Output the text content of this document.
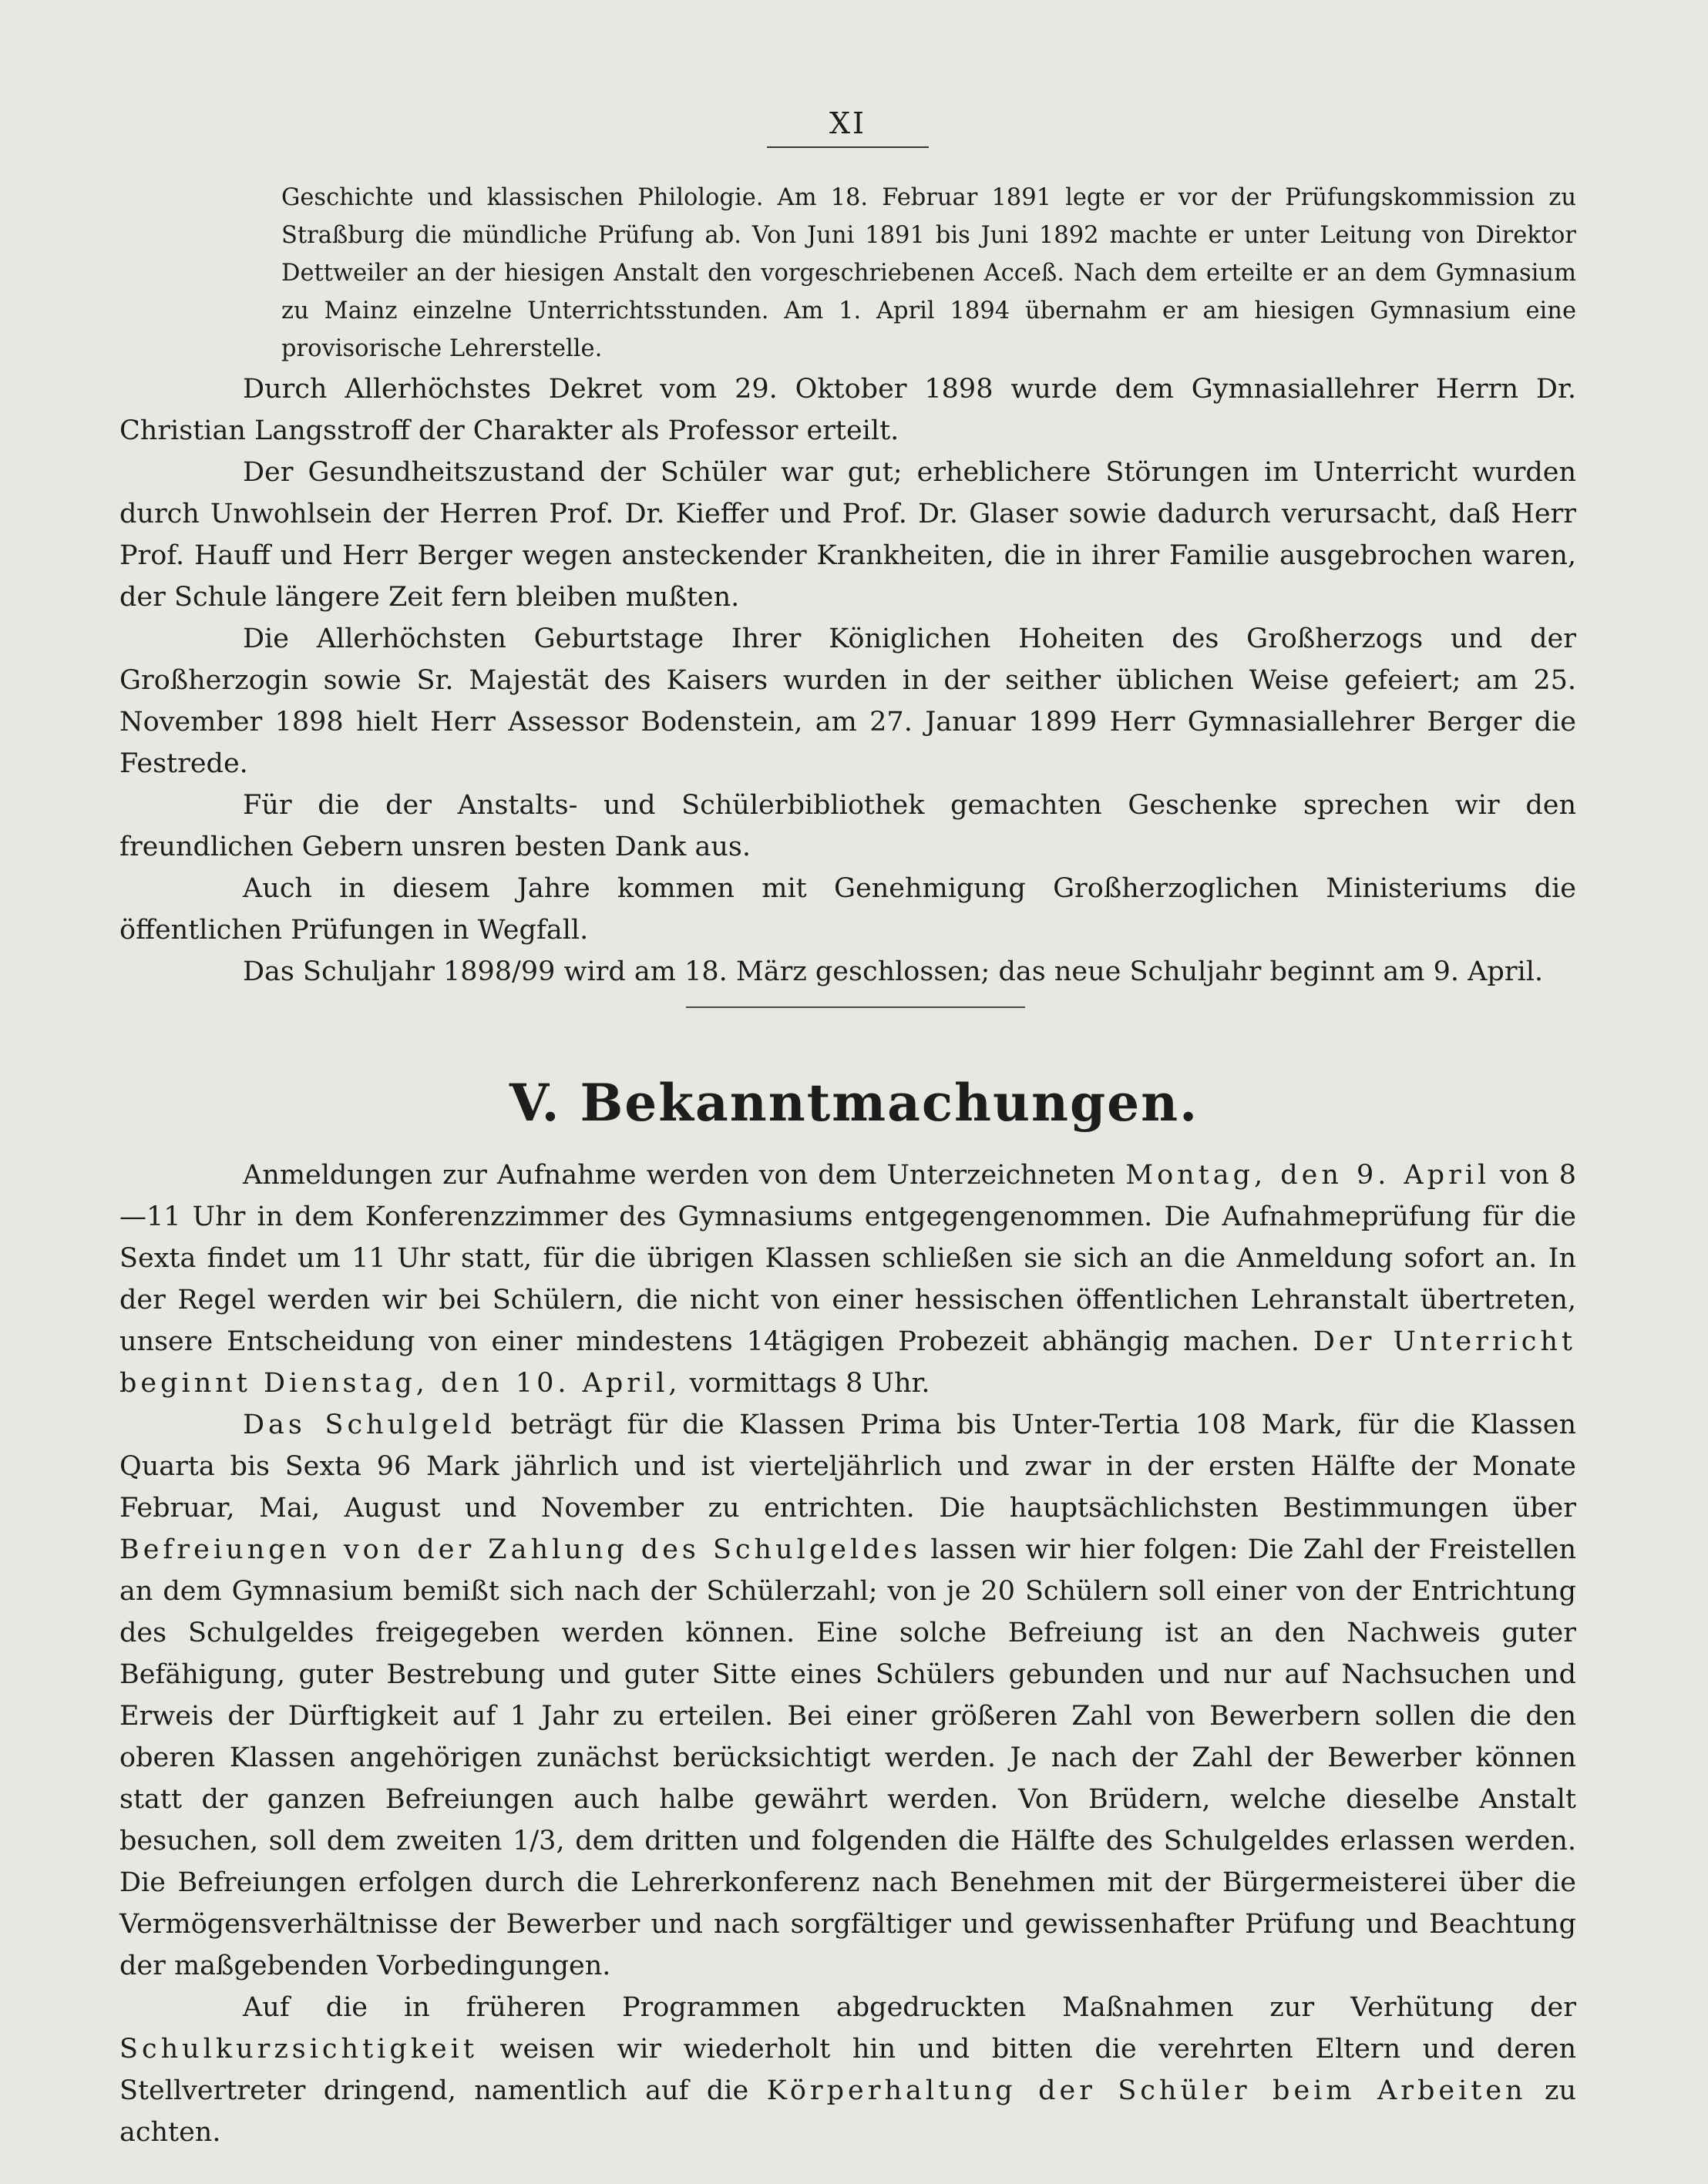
XI
Geschichte und klassischen Philologie. Am 18. Februar 1891 legte er vor der Prüfungskommission zu Straßburg die mündliche Prüfung ab. Von Juni 1891 bis Juni 1892 machte er unter Leitung von Direktor Dettweiler an der hiesigen Anstalt den vorgeschriebenen Acceß. Nach dem erteilte er an dem Gymnasium zu Mainz einzelne Unterrichtsstunden. Am 1. April 1894 übernahm er am hiesigen Gymnasium eine provisorische Lehrerstelle.

Durch Allerhöchstes Dekret vom 29. Oktober 1898 wurde dem Gymnasiallehrer Herrn Dr. Christian Langsstroff der Charakter als Professor erteilt.

Der Gesundheitszustand der Schüler war gut; erheblichere Störungen im Unterricht wurden durch Unwohlsein der Herren Prof. Dr. Kieffer und Prof. Dr. Glaser sowie dadurch verursacht, daß Herr Prof. Hauff und Herr Berger wegen ansteckender Krankheiten, die in ihrer Familie ausgebrochen waren, der Schule längere Zeit fern bleiben mußten.

Die Allerhöchsten Geburtstage Ihrer Königlichen Hoheiten des Großherzogs und der Großherzogin sowie Sr. Majestät des Kaisers wurden in der seither üblichen Weise gefeiert; am 25. November 1898 hielt Herr Assessor Bodenstein, am 27. Januar 1899 Herr Gymnasiallehrer Berger die Festrede.

Für die der Anstalts- und Schülerbibliothek gemachten Geschenke sprechen wir den freundlichen Gebern unsren besten Dank aus.

Auch in diesem Jahre kommen mit Genehmigung Großherzoglichen Ministeriums die öffentlichen Prüfungen in Wegfall.

Das Schuljahr 1898/99 wird am 18. März geschlossen; das neue Schuljahr beginnt am 9. April.

V. Bekanntmachungen.

Anmeldungen zur Aufnahme werden von dem Unterzeichneten Montag, den 9. April von 8—11 Uhr in dem Konferenzzimmer des Gymnasiums entgegengenommen. Die Aufnahmeprüfung für die Sexta findet um 11 Uhr statt, für die übrigen Klassen schließen sie sich an die Anmeldung sofort an. In der Regel werden wir bei Schülern, die nicht von einer hessischen öffentlichen Lehranstalt übertreten, unsere Entscheidung von einer mindestens 14tägigen Probezeit abhängig machen. Der Unterricht beginnt Dienstag, den 10. April, vormittags 8 Uhr.

Das Schulgeld beträgt für die Klassen Prima bis Unter-Tertia 108 Mark, für die Klassen Quarta bis Sexta 96 Mark jährlich und ist vierteljährlich und zwar in der ersten Hälfte der Monate Februar, Mai, August und November zu entrichten. Die hauptsächlichsten Bestimmungen über Befreiungen von der Zahlung des Schulgeldes lassen wir hier folgen: Die Zahl der Freistellen an dem Gymnasium bemißt sich nach der Schülerzahl; von je 20 Schülern soll einer von der Entrichtung des Schulgeldes freigegeben werden können. Eine solche Befreiung ist an den Nachweis guter Befähigung, guter Bestrebung und guter Sitte eines Schülers gebunden und nur auf Nachsuchen und Erweis der Dürftigkeit auf 1 Jahr zu erteilen. Bei einer größeren Zahl von Bewerbern sollen die den oberen Klassen angehörigen zunächst berücksichtigt werden. Je nach der Zahl der Bewerber können statt der ganzen Befreiungen auch halbe gewährt werden. Von Brüdern, welche dieselbe Anstalt besuchen, soll dem zweiten 1/3, dem dritten und folgenden die Hälfte des Schulgeldes erlassen werden. Die Befreiungen erfolgen durch die Lehrerkonferenz nach Benehmen mit der Bürgermeisterei über die Vermögensverhältnisse der Bewerber und nach sorgfältiger und gewissenhafter Prüfung und Beachtung der maßgebenden Vorbedingungen.

Auf die in früheren Programmen abgedruckten Maßnahmen zur Verhütung der Schulkurzsichtigkeit weisen wir wiederholt hin und bitten die verehrten Eltern und deren Stellvertreter dringend, namentlich auf die Körperhaltung der Schüler beim Arbeiten zu achten.
